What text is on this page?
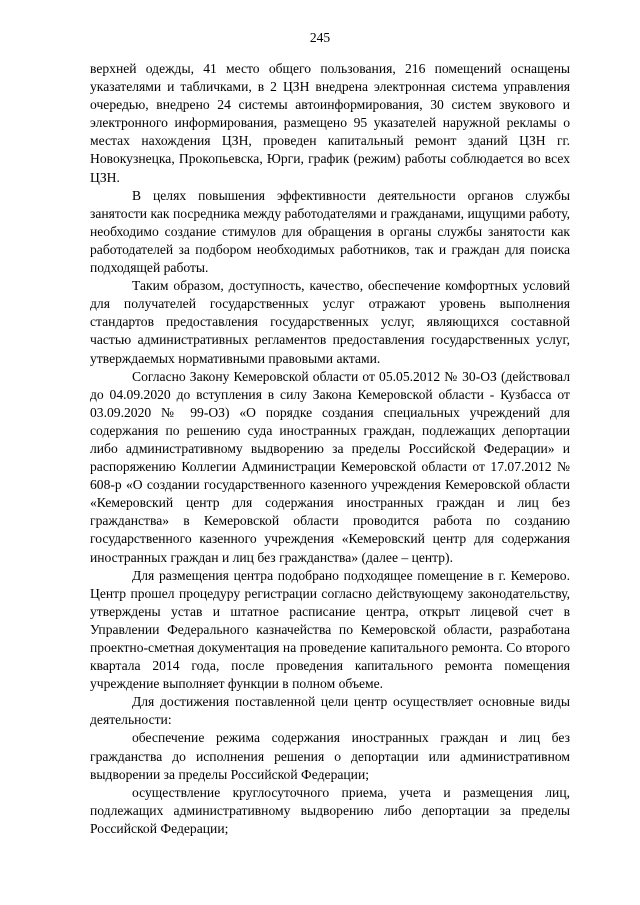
245

верхней одежды, 41 место общего пользования, 216 помещений оснащены указателями и табличками, в 2 ЦЗН внедрена электронная система управления очередью, внедрено 24 системы автоинформирования, 30 систем звукового и электронного информирования, размещено 95 указателей наружной рекламы о местах нахождения ЦЗН, проведен капитальный ремонт зданий ЦЗН гг. Новокузнецка, Прокопьевска, Юрги, график (режим) работы соблюдается во всех ЦЗН.

В целях повышения эффективности деятельности органов службы занятости как посредника между работодателями и гражданами, ищущими работу, необходимо создание стимулов для обращения в органы службы занятости как работодателей за подбором необходимых работников, так и граждан для поиска подходящей работы.

Таким образом, доступность, качество, обеспечение комфортных условий для получателей государственных услуг отражают уровень выполнения стандартов предоставления государственных услуг, являющихся составной частью административных регламентов предоставления государственных услуг, утверждаемых нормативными правовыми актами.

Согласно Закону Кемеровской области от 05.05.2012 № 30-ОЗ (действовал до 04.09.2020 до вступления в силу Закона Кемеровской области - Кузбасса от 03.09.2020 № 99-ОЗ) «О порядке создания специальных учреждений для содержания по решению суда иностранных граждан, подлежащих депортации либо административному выдворению за пределы Российской Федерации» и распоряжению Коллегии Администрации Кемеровской области от 17.07.2012 № 608-р «О создании государственного казенного учреждения Кемеровской области «Кемеровский центр для содержания иностранных граждан и лиц без гражданства» в Кемеровской области проводится работа по созданию государственного казенного учреждения «Кемеровский центр для содержания иностранных граждан и лиц без гражданства» (далее – центр).

Для размещения центра подобрано подходящее помещение в г. Кемерово. Центр прошел процедуру регистрации согласно действующему законодательству, утверждены устав и штатное расписание центра, открыт лицевой счет в Управлении Федерального казначейства по Кемеровской области, разработана проектно-сметная документация на проведение капитального ремонта. Со второго квартала 2014 года, после проведения капитального ремонта помещения учреждение выполняет функции в полном объеме.

Для достижения поставленной цели центр осуществляет основные виды деятельности:

обеспечение режима содержания иностранных граждан и лиц без гражданства до исполнения решения о депортации или административном выдворении за пределы Российской Федерации;

осуществление круглосуточного приема, учета и размещения лиц, подлежащих административному выдворению либо депортации за пределы Российской Федерации;
